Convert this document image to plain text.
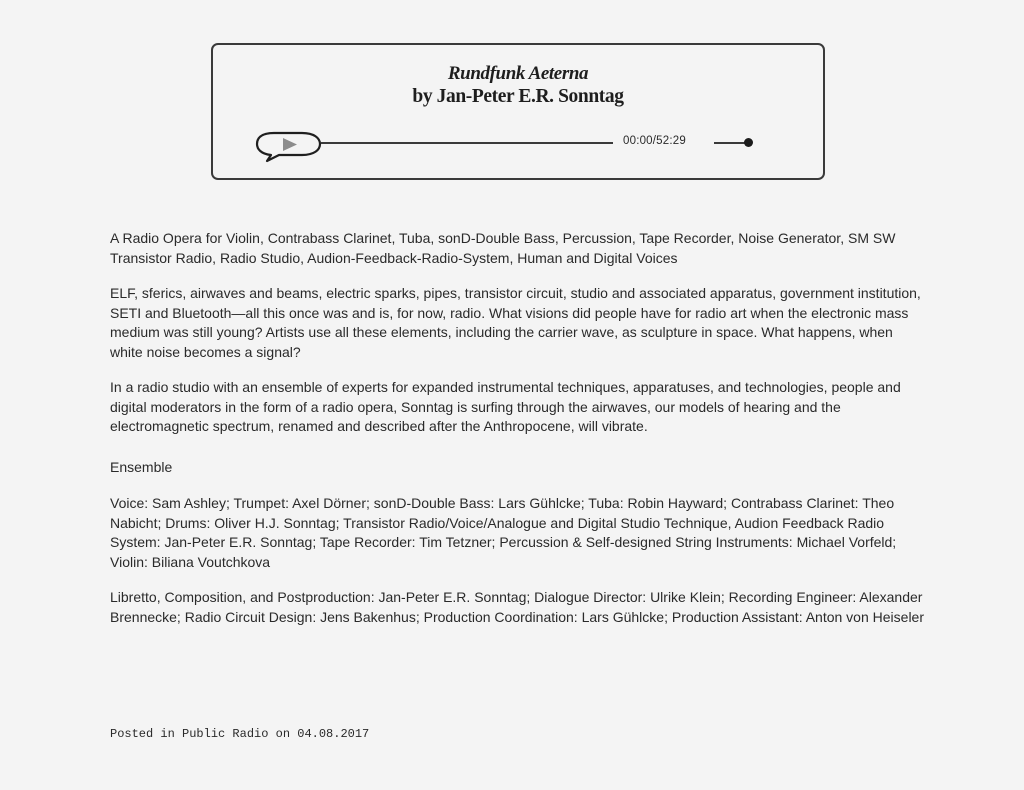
Rundfunk Aeterna
by Jan-Peter E.R. Sonntag
00:00/52:29

A Radio Opera for Violin, Contrabass Clarinet, Tuba, sonD-Double Bass, Percussion, Tape Recorder, Noise Generator, SM SW Transistor Radio, Radio Studio, Audion-Feedback-Radio-System, Human and Digital Voices

ELF, sferics, airwaves and beams, electric sparks, pipes, transistor circuit, studio and associated apparatus, government institution, SETI and Bluetooth—all this once was and is, for now, radio. What visions did people have for radio art when the electronic mass medium was still young? Artists use all these elements, including the carrier wave, as sculpture in space. What happens, when white noise becomes a signal?

In a radio studio with an ensemble of experts for expanded instrumental techniques, apparatuses, and technologies, people and digital moderators in the form of a radio opera, Sonntag is surfing through the airwaves, our models of hearing and the electromagnetic spectrum, renamed and described after the Anthropocene, will vibrate.

Ensemble

Voice: Sam Ashley; Trumpet: Axel Dörner; sonD-Double Bass: Lars Gühlcke; Tuba: Robin Hayward; Contrabass Clarinet: Theo Nabicht; Drums: Oliver H.J. Sonntag; Transistor Radio/Voice/Analogue and Digital Studio Technique, Audion Feedback Radio System: Jan-Peter E.R. Sonntag; Tape Recorder: Tim Tetzner; Percussion & Self-designed String Instruments: Michael Vorfeld; Violin: Biliana Voutchkova

Libretto, Composition, and Postproduction: Jan-Peter E.R. Sonntag; Dialogue Director: Ulrike Klein; Recording Engineer: Alexander Brennecke; Radio Circuit Design: Jens Bakenhus; Production Coordination: Lars Gühlcke; Production Assistant: Anton von Heiseler

Posted in Public Radio on 04.08.2017
